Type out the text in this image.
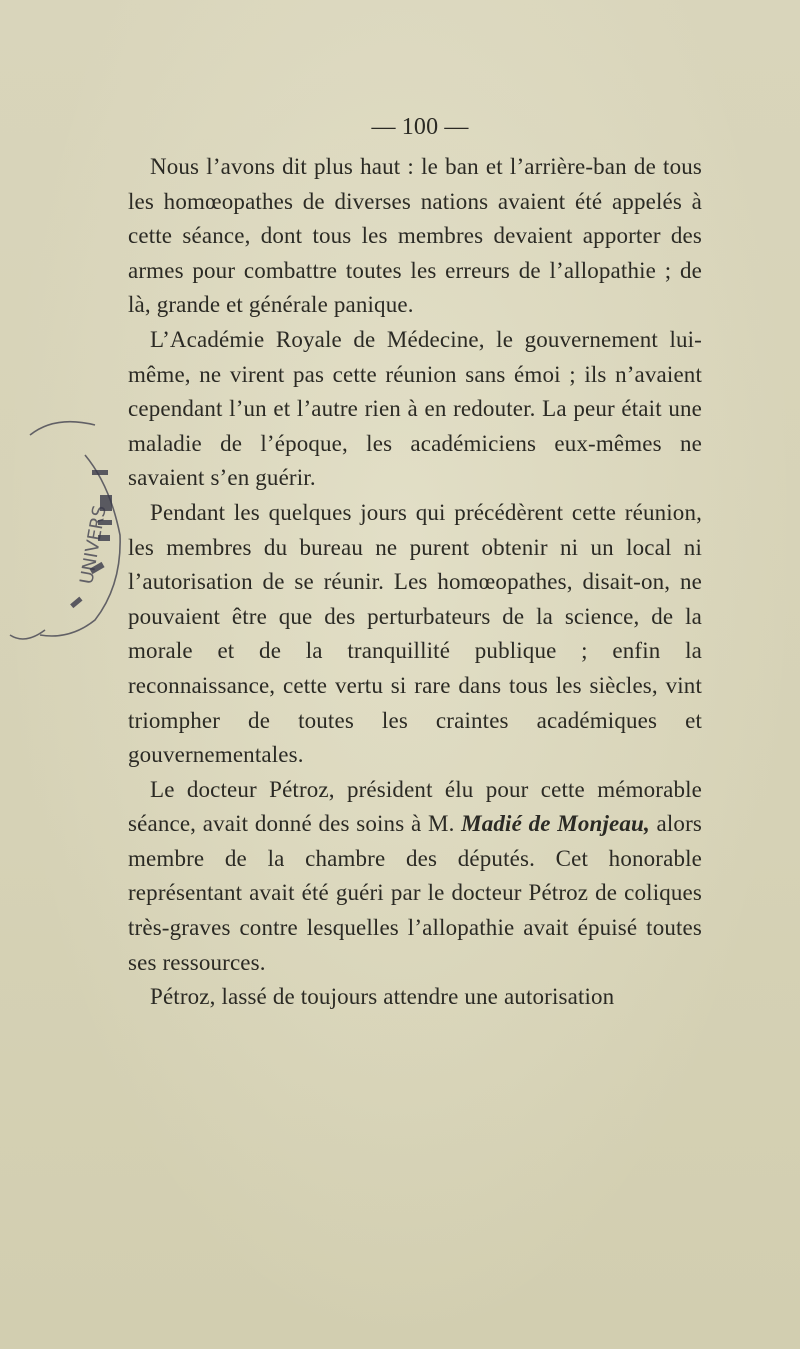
UNIVERS
— 100 —

Nous l’avons dit plus haut : le ban et l’arrière-ban de tous les homœopathes de diverses nations avaient été appelés à cette séance, dont tous les membres devaient apporter des armes pour combattre toutes les erreurs de l’allopathie ; de là, grande et générale panique.

L’Académie Royale de Médecine, le gouvernement lui-même, ne virent pas cette réunion sans émoi ; ils n’avaient cependant l’un et l’autre rien à en redouter. La peur était une maladie de l’époque, les académiciens eux-mêmes ne savaient s’en guérir.

Pendant les quelques jours qui précédèrent cette réunion, les membres du bureau ne purent obtenir ni un local ni l’autorisation de se réunir. Les homœopathes, disait-on, ne pouvaient être que des perturbateurs de la science, de la morale et de la tranquillité publique ; enfin la reconnaissance, cette vertu si rare dans tous les siècles, vint triompher de toutes les craintes académiques et gouvernementales.

Le docteur Pétroz, président élu pour cette mémorable séance, avait donné des soins à M. Madié de Monjeau, alors membre de la chambre des députés. Cet honorable représentant avait été guéri par le docteur Pétroz de coliques très-graves contre lesquelles l’allopathie avait épuisé toutes ses ressources.

Pétroz, lassé de toujours attendre une autorisation
